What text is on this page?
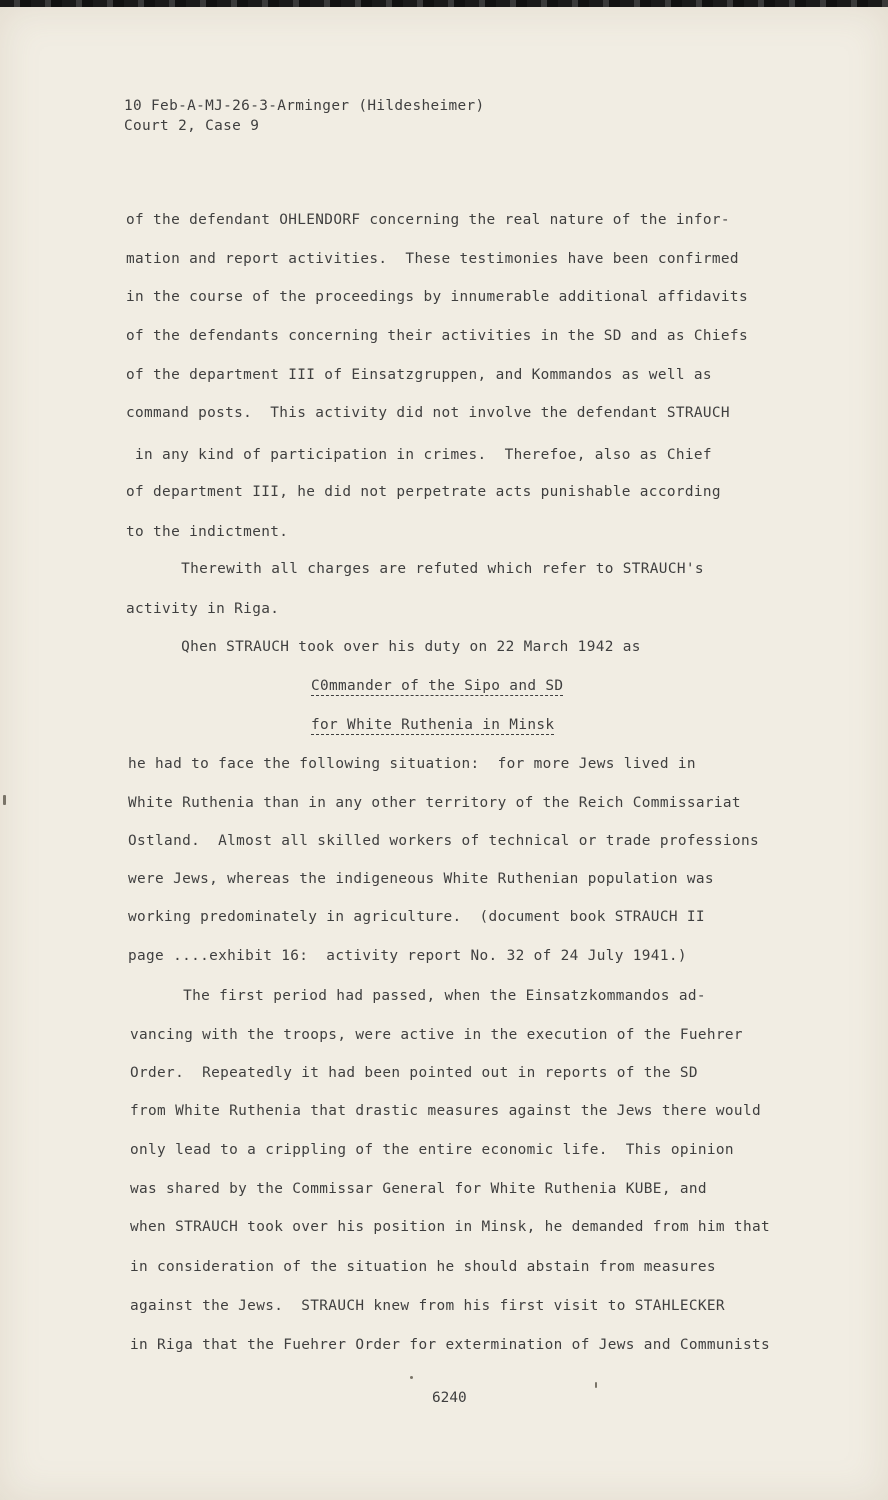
10 Feb-A-MJ-26-3-Arminger (Hildesheimer)
Court 2, Case 9
of the defendant OHLENDORF concerning the real nature of the infor-
mation and report activities.  These testimonies have been confirmed
in the course of the proceedings by innumerable additional affidavits
of the defendants concerning their activities in the SD and as Chiefs
of the department III of Einsatzgruppen, and Kommandos as well as
command posts.  This activity did not involve the defendant STRAUCH
in any kind of participation in crimes.  Therefoe, also as Chief
of department III, he did not perpetrate acts punishable according
to the indictment.
Therewith all charges are refuted which refer to STRAUCH's
activity in Riga.
Qhen STRAUCH took over his duty on 22 March 1942 as
C0mmander of the Sipo and SD
for White Ruthenia in Minsk
he had to face the following situation:  for more Jews lived in
White Ruthenia than in any other territory of the Reich Commissariat
Ostland.  Almost all skilled workers of technical or trade professions
were Jews, whereas the indigeneous White Ruthenian population was
working predominately in agriculture.  (document book STRAUCH II
page ....exhibit 16:  activity report No. 32 of 24 July 1941.)
The first period had passed, when the Einsatzkommandos ad-
vancing with the troops, were active in the execution of the Fuehrer
Order.  Repeatedly it had been pointed out in reports of the SD
from White Ruthenia that drastic measures against the Jews there would
only lead to a crippling of the entire economic life.  This opinion
was shared by the Commissar General for White Ruthenia KUBE, and
when STRAUCH took over his position in Minsk, he demanded from him that
in consideration of the situation he should abstain from measures
against the Jews.  STRAUCH knew from his first visit to STAHLECKER
in Riga that the Fuehrer Order for extermination of Jews and Communists
6240
